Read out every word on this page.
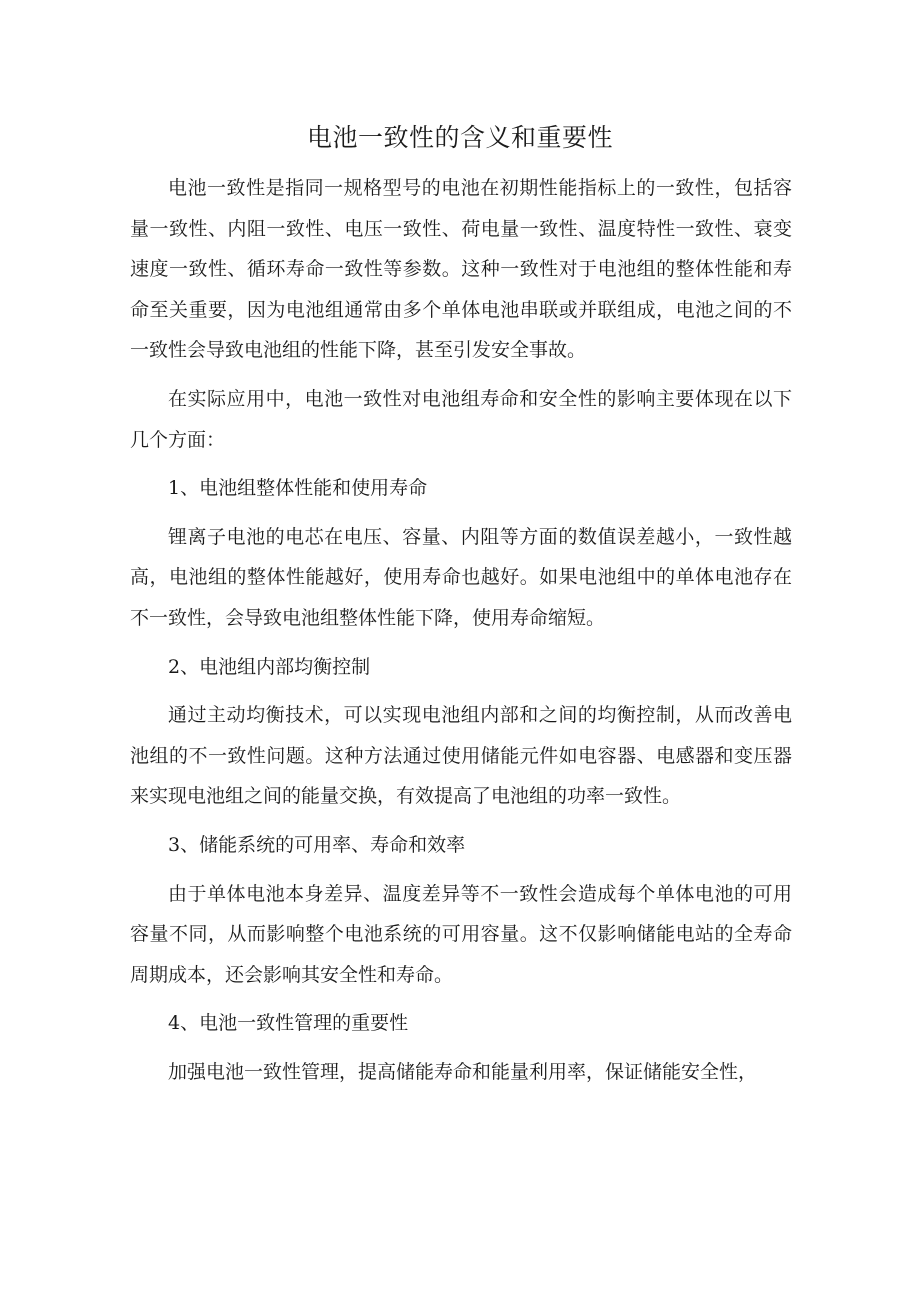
电池一致性的含义和重要性

电池一致性是指同一规格型号的电池在初期性能指标上的一致性，包括容量一致性、内阻一致性、电压一致性、荷电量一致性、温度特性一致性、衰变速度一致性、循环寿命一致性等参数。这种一致性对于电池组的整体性能和寿命至关重要，因为电池组通常由多个单体电池串联或并联组成，电池之间的不一致性会导致电池组的性能下降，甚至引发安全事故。

在实际应用中，电池一致性对电池组寿命和安全性的影响主要体现在以下几个方面：

1、电池组整体性能和使用寿命

锂离子电池的电芯在电压、容量、内阻等方面的数值误差越小，一致性越高，电池组的整体性能越好，使用寿命也越好。如果电池组中的单体电池存在不一致性，会导致电池组整体性能下降，使用寿命缩短。

2、电池组内部均衡控制

通过主动均衡技术，可以实现电池组内部和之间的均衡控制，从而改善电池组的不一致性问题。这种方法通过使用储能元件如电容器、电感器和变压器来实现电池组之间的能量交换，有效提高了电池组的功率一致性。

3、储能系统的可用率、寿命和效率

由于单体电池本身差异、温度差异等不一致性会造成每个单体电池的可用容量不同，从而影响整个电池系统的可用容量。这不仅影响储能电站的全寿命周期成本，还会影响其安全性和寿命。

4、电池一致性管理的重要性

加强电池一致性管理，提高储能寿命和能量利用率，保证储能安全性，
